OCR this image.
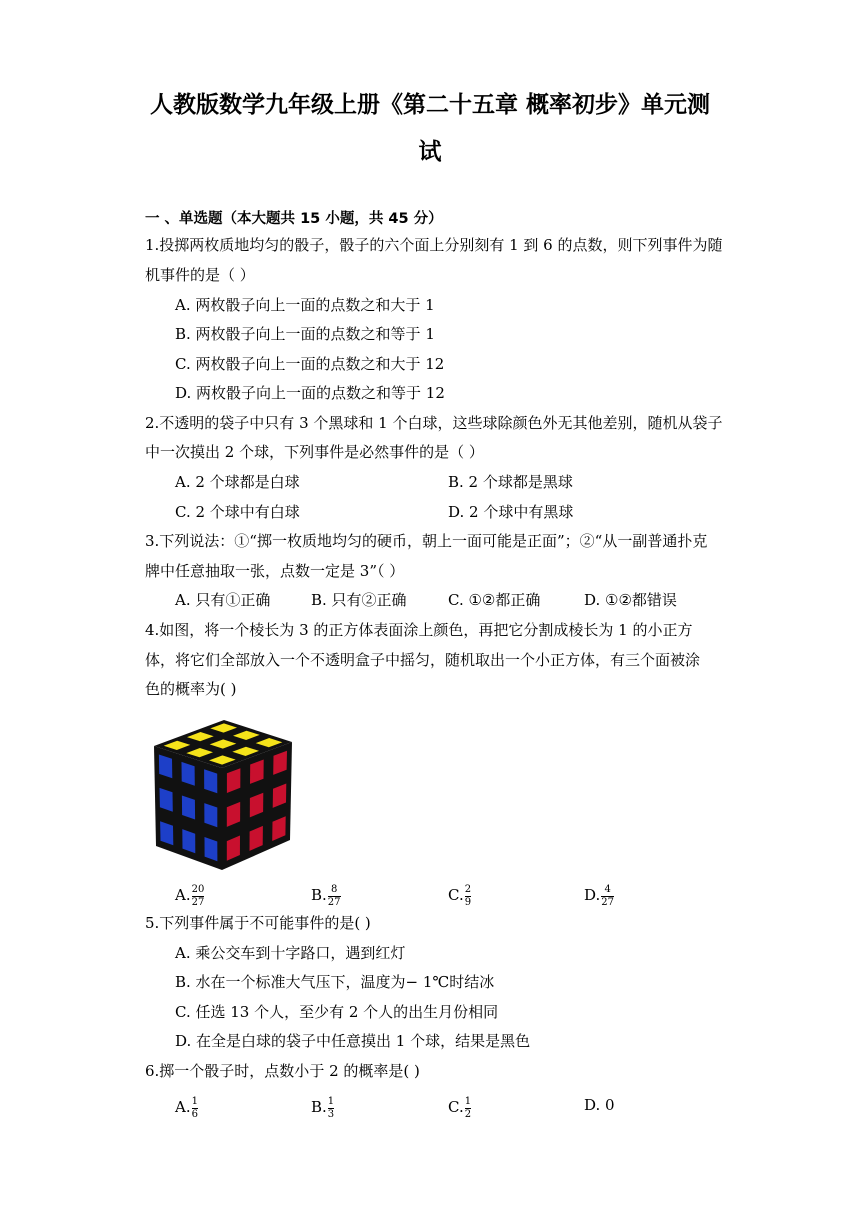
人教版数学九年级上册《第二十五章 概率初步》单元测
试
一 、单选题（本大题共 15 小题，共 45 分）
1.投掷两枚质地均匀的骰子，骰子的六个面上分别刻有 1 到 6 的点数，则下列事件为随
机事件的是（ ）
A. 两枚骰子向上一面的点数之和大于 1
B. 两枚骰子向上一面的点数之和等于 1
C. 两枚骰子向上一面的点数之和大于 12
D. 两枚骰子向上一面的点数之和等于 12
2.不透明的袋子中只有 3 个黑球和 1 个白球，这些球除颜色外无其他差别，随机从袋子
中一次摸出 2 个球，下列事件是必然事件的是（ ）
A. 2 个球都是白球	B. 2 个球都是黑球
C. 2 个球中有白球	D. 2 个球中有黑球
3.下列说法：①“掷一枚质地均匀的硬币，朝上一面可能是正面”；②“从一副普通扑克
牌中任意抽取一张，点数一定是 3”（ ）
A. 只有①正确	B. 只有②正确	C. ①②都正确	D. ①②都错误
4.如图，将一个棱长为 3 的正方体表面涂上颜色，再把它分割成棱长为 1 的小正方
体，将它们全部放入一个不透明盒子中摇匀，随机取出一个小正方体，有三个面被涂
色的概率为( )
A. $\frac{20}{27}$	B. $\frac{8}{27}$	C. $\frac{2}{9}$	D. $\frac{4}{27}$
5.下列事件属于不可能事件的是( )
A. 乘公交车到十字路口，遇到红灯
B. 水在一个标准大气压下，温度为− 1℃时结冰
C. 任选 13 个人，至少有 2 个人的出生月份相同
D. 在全是白球的袋子中任意摸出 1 个球，结果是黑色
6.掷一个骰子时，点数小于 2 的概率是( )
A. $\frac{1}{6}$	B. $\frac{1}{3}$	C. $\frac{1}{2}$	D. 0
